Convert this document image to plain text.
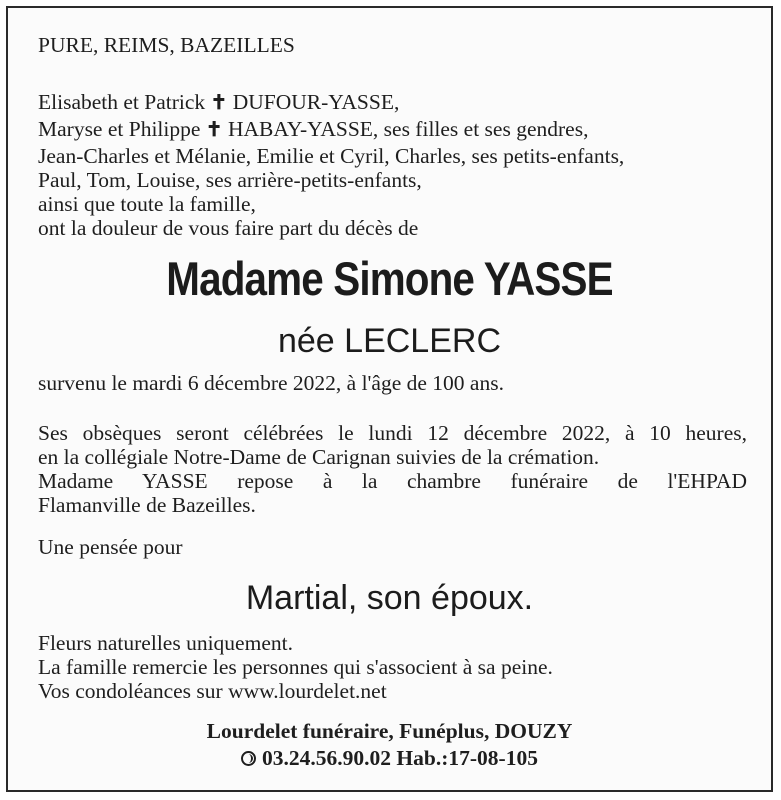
PURE, REIMS, BAZEILLES
Elisabeth et Patrick ✝ DUFOUR-YASSE,
Maryse et Philippe ✝ HABAY-YASSE, ses filles et ses gendres,
Jean-Charles et Mélanie, Emilie et Cyril, Charles, ses petits-enfants,
Paul, Tom, Louise, ses arrière-petits-enfants,
ainsi que toute la famille,
ont la douleur de vous faire part du décès de
Madame Simone YASSE
née LECLERC
survenu le mardi 6 décembre 2022, à l'âge de 100 ans.
Ses obsèques seront célébrées le lundi 12 décembre 2022, à 10 heures,
en la collégiale Notre-Dame de Carignan suivies de la crémation.
Madame YASSE repose à la chambre funéraire de l'EHPAD
Flamanville de Bazeilles.
Une pensée pour
Martial, son époux.
Fleurs naturelles uniquement.
La famille remercie les personnes qui s'associent à sa peine.
Vos condoléances sur www.lourdelet.net
Lourdelet funéraire, Funéplus, DOUZY
03.24.56.90.02 Hab.:17-08-105
